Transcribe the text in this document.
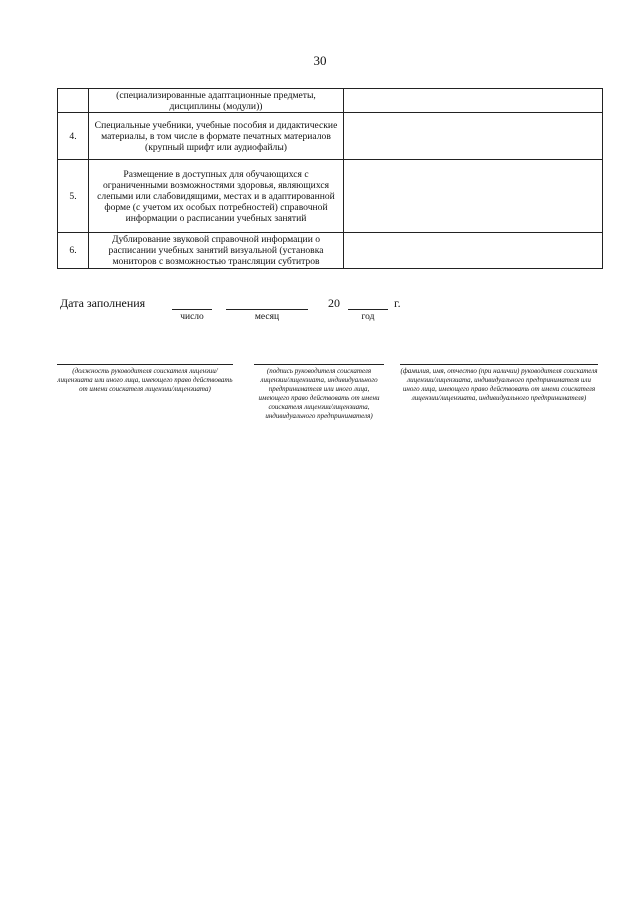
30
	(специализированные адаптационные предметы, дисциплины (модули))	
4.	Специальные учебники, учебные пособия и дидактические материалы, в том числе в формате печатных материалов (крупный шрифт или аудиофайлы)	
5.	Размещение в доступных для обучающихся с ограниченными возможностями здоровья, являющихся слепыми или слабовидящими, местах и в адаптированной форме (с учетом их особых потребностей) справочной информации о расписании учебных занятий	
6.	Дублирование звуковой справочной информации о расписании учебных занятий визуальной (установка мониторов с возможностью трансляции субтитров	
Дата заполнения
число	месяц
20
год
г.
(должность руководителя соискателя лицензии/лицензиата или иного лица, имеющего право действовать от имени соискателя лицензии/лицензиата)
(подпись руководителя соискателя лицензии/лицензиата, индивидуального предпринимателя или иного лица, имеющего право действовать от имени соискателя лицензии/лицензиата, индивидуального предпринимателя)
(фамилия, имя, отчество (при наличии) руководителя соискателя лицензии/лицензиата, индивидуального предпринимателя или иного лица, имеющего право действовать от имени соискателя лицензии/лицензиата, индивидуального предпринимателя)
